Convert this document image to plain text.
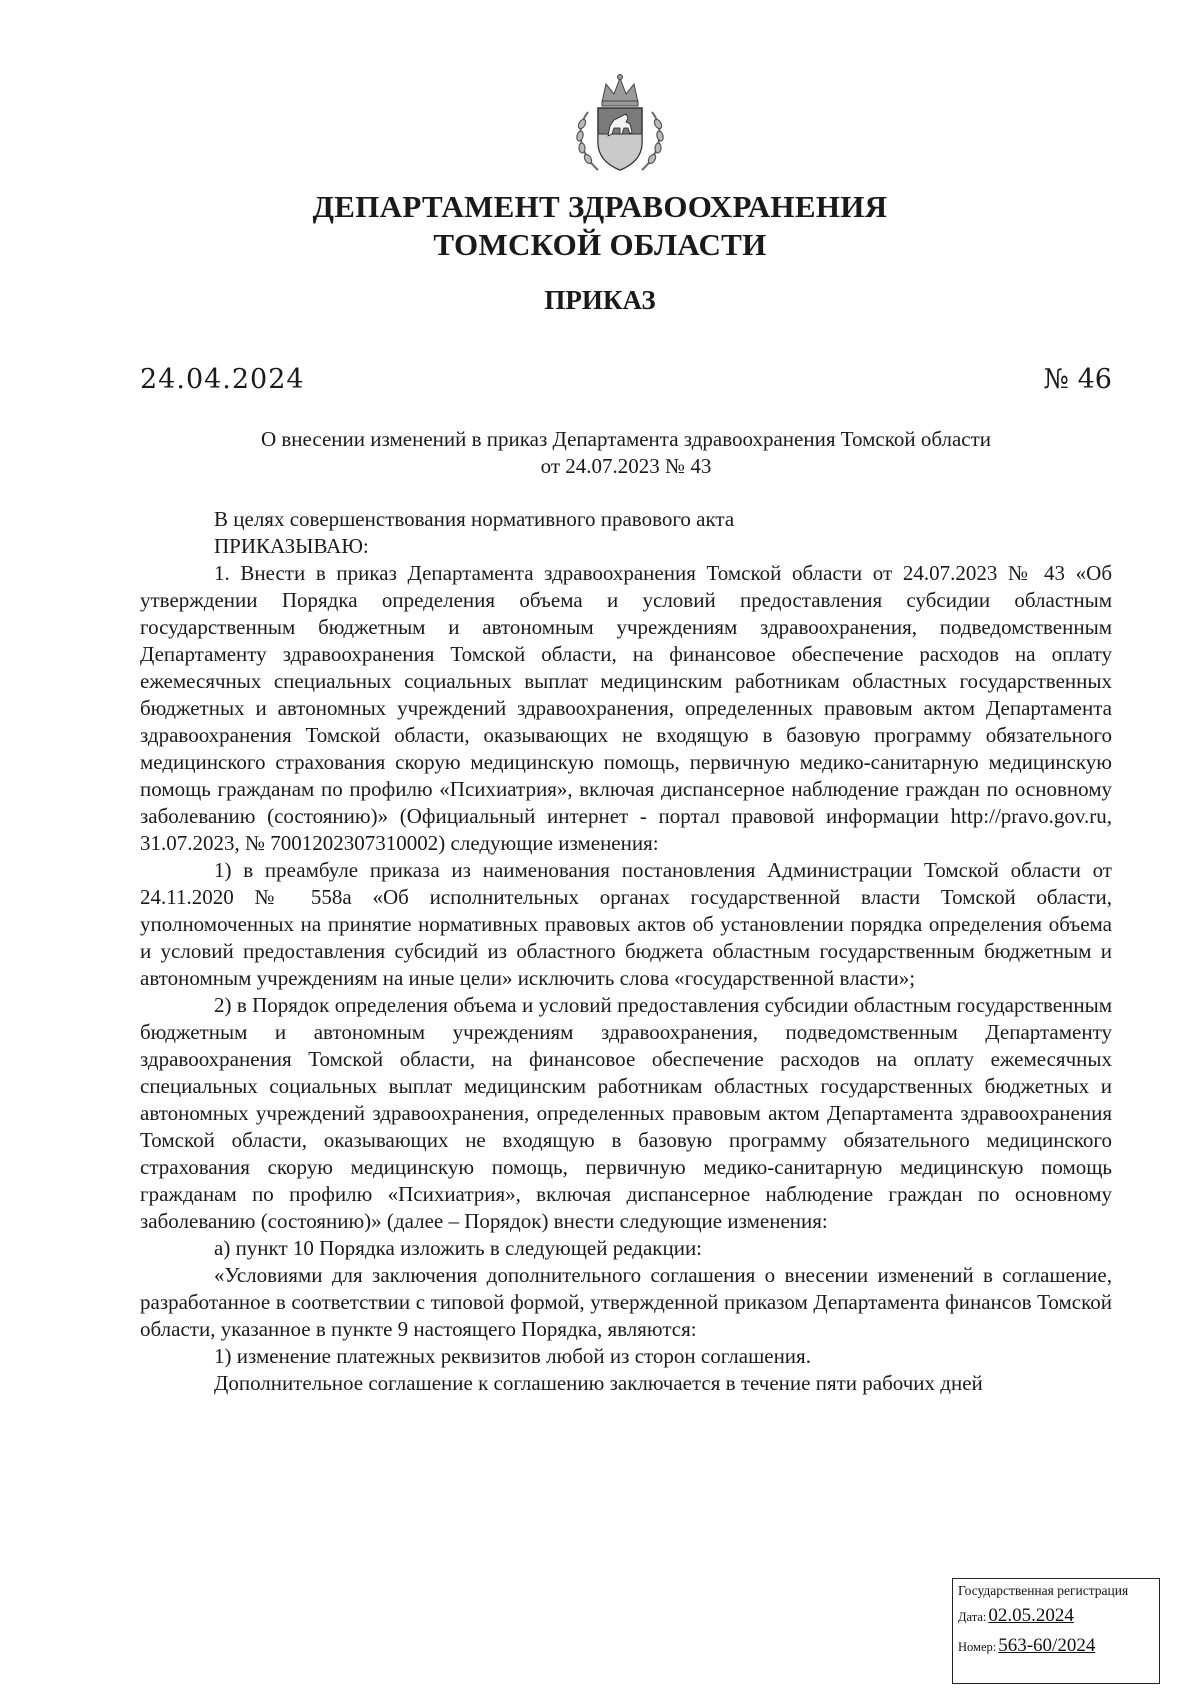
ДЕПАРТАМЕНТ ЗДРАВООХРАНЕНИЯ
ТОМСКОЙ ОБЛАСТИ
ПРИКАЗ
24.04.2024	№ 46
О внесении изменений в приказ Департамента здравоохранения Томской области
от 24.07.2023 № 43

В целях совершенствования нормативного правового акта

ПРИКАЗЫВАЮ:

1. Внести в приказ Департамента здравоохранения Томской области от 24.07.2023 № 43 «Об утверждении Порядка определения объема и условий предоставления субсидии областным государственным бюджетным и автономным учреждениям здравоохранения, подведомственным Департаменту здравоохранения Томской области, на финансовое обеспечение расходов на оплату ежемесячных специальных социальных выплат медицинским работникам областных государственных бюджетных и автономных учреждений здравоохранения, определенных правовым актом Департамента здравоохранения Томской области, оказывающих не входящую в базовую программу обязательного медицинского страхования скорую медицинскую помощь, первичную медико-санитарную медицинскую помощь гражданам по профилю «Психиатрия», включая диспансерное наблюдение граждан по основному заболеванию (состоянию)» (Официальный интернет - портал правовой информации http://pravo.gov.ru, 31.07.2023, № 7001202307310002) следующие изменения:

1) в преамбуле приказа из наименования постановления Администрации Томской области от 24.11.2020 № 558а «Об исполнительных органах государственной власти Томской области, уполномоченных на принятие нормативных правовых актов об установлении порядка определения объема и условий предоставления субсидий из областного бюджета областным государственным бюджетным и автономным учреждениям на иные цели» исключить слова «государственной власти»;

2) в Порядок определения объема и условий предоставления субсидии областным государственным бюджетным и автономным учреждениям здравоохранения, подведомственным Департаменту здравоохранения Томской области, на финансовое обеспечение расходов на оплату ежемесячных специальных социальных выплат медицинским работникам областных государственных бюджетных и автономных учреждений здравоохранения, определенных правовым актом Департамента здравоохранения Томской области, оказывающих не входящую в базовую программу обязательного медицинского страхования скорую медицинскую помощь, первичную медико-санитарную медицинскую помощь гражданам по профилю «Психиатрия», включая диспансерное наблюдение граждан по основному заболеванию (состоянию)» (далее – Порядок) внести следующие изменения:

а) пункт 10 Порядка изложить в следующей редакции:

«Условиями для заключения дополнительного соглашения о внесении изменений в соглашение, разработанное в соответствии с типовой формой, утвержденной приказом Департамента финансов Томской области, указанное в пункте 9 настоящего Порядка, являются:

1) изменение платежных реквизитов любой из сторон соглашения.

Дополнительное соглашение к соглашению заключается в течение пяти рабочих дней

Государственная регистрация
Дата: 02.05.2024
Номер: 563-60/2024
